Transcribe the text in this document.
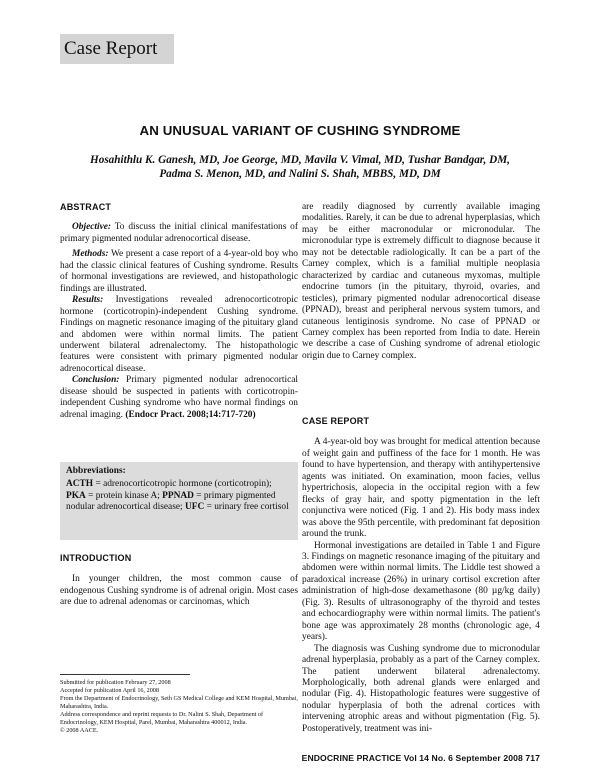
Case Report
AN UNUSUAL VARIANT OF CUSHING SYNDROME
Hosahithlu K. Ganesh, MD, Joe George, MD, Mavila V. Vimal, MD, Tushar Bandgar, DM,
Padma S. Menon, MD, and Nalini S. Shah, MBBS, MD, DM
ABSTRACT

Objective: To discuss the initial clinical manifestations of primary pigmented nodular adrenocortical disease.

Methods: We present a case report of a 4-year-old boy who had the classic clinical features of Cushing syndrome. Results of hormonal investigations are reviewed, and histopathologic findings are illustrated.

Results: Investigations revealed adrenocorticotropic hormone (corticotropin)-independent Cushing syndrome. Findings on magnetic resonance imaging of the pituitary gland and abdomen were within normal limits. The patient underwent bilateral adrenalectomy. The histopathologic features were consistent with primary pigmented nodular adrenocortical disease.

Conclusion: Primary pigmented nodular adrenocortical disease should be suspected in patients with corticotropin-independent Cushing syndrome who have normal findings on adrenal imaging. (Endocr Pract. 2008;14:717-720)

Abbreviations:
ACTH = adrenocorticotropic hormone (corticotropin); PKA = protein kinase A; PPNAD = primary pigmented nodular adrenocortical disease; UFC = urinary free cortisol
INTRODUCTION

In younger children, the most common cause of endogenous Cushing syndrome is of adrenal origin. Most cases are due to adrenal adenomas or carcinomas, which

Submitted for publication February 27, 2008

Accepted for publication April 16, 2008

From the Department of Endocrinology, Seth GS Medical College and KEM Hospital, Mumbai, Maharashtra, India.

Address correspondence and reprint requests to Dr. Nalini S. Shah, Department of Endocrinology, KEM Hospital, Parel, Mumbai, Maharashtra 400012, India.

© 2008 AACE.

are readily diagnosed by currently available imaging modalities. Rarely, it can be due to adrenal hyperplasias, which may be either macronodular or micronodular. The micronodular type is extremely difficult to diagnose because it may not be detectable radiologically. It can be a part of the Carney complex, which is a familial multiple neoplasia characterized by cardiac and cutaneous myxomas, multiple endocrine tumors (in the pituitary, thyroid, ovaries, and testicles), primary pigmented nodular adrenocortical disease (PPNAD), breast and peripheral nervous system tumors, and cutaneous lentiginosis syndrome. No case of PPNAD or Carney complex has been reported from India to date. Herein we describe a case of Cushing syndrome of adrenal etiologic origin due to Carney complex.

CASE REPORT

A 4-year-old boy was brought for medical attention because of weight gain and puffiness of the face for 1 month. He was found to have hypertension, and therapy with antihypertensive agents was initiated. On examination, moon facies, vellus hypertrichosis, alopecia in the occipital region with a few flecks of gray hair, and spotty pigmentation in the left conjunctiva were noticed (Fig. 1 and 2). His body mass index was above the 95th percentile, with predominant fat deposition around the trunk.

Hormonal investigations are detailed in Table 1 and Figure 3. Findings on magnetic resonance imaging of the pituitary and abdomen were within normal limits. The Liddle test showed a paradoxical increase (26%) in urinary cortisol excretion after administration of high-dose dexamethasone (80 µg/kg daily) (Fig. 3). Results of ultrasonography of the thyroid and testes and echocardiography were within normal limits. The patient's bone age was approximately 28 months (chronologic age, 4 years).

The diagnosis was Cushing syndrome due to micronodular adrenal hyperplasia, probably as a part of the Carney complex. The patient underwent bilateral adrenalectomy. Morphologically, both adrenal glands were enlarged and nodular (Fig. 4). Histopathologic features were suggestive of nodular hyperplasia of both the adrenal cortices with intervening atrophic areas and without pigmentation (Fig. 5). Postoperatively, treatment was ini-

ENDOCRINE PRACTICE Vol 14 No. 6 September 2008 717
